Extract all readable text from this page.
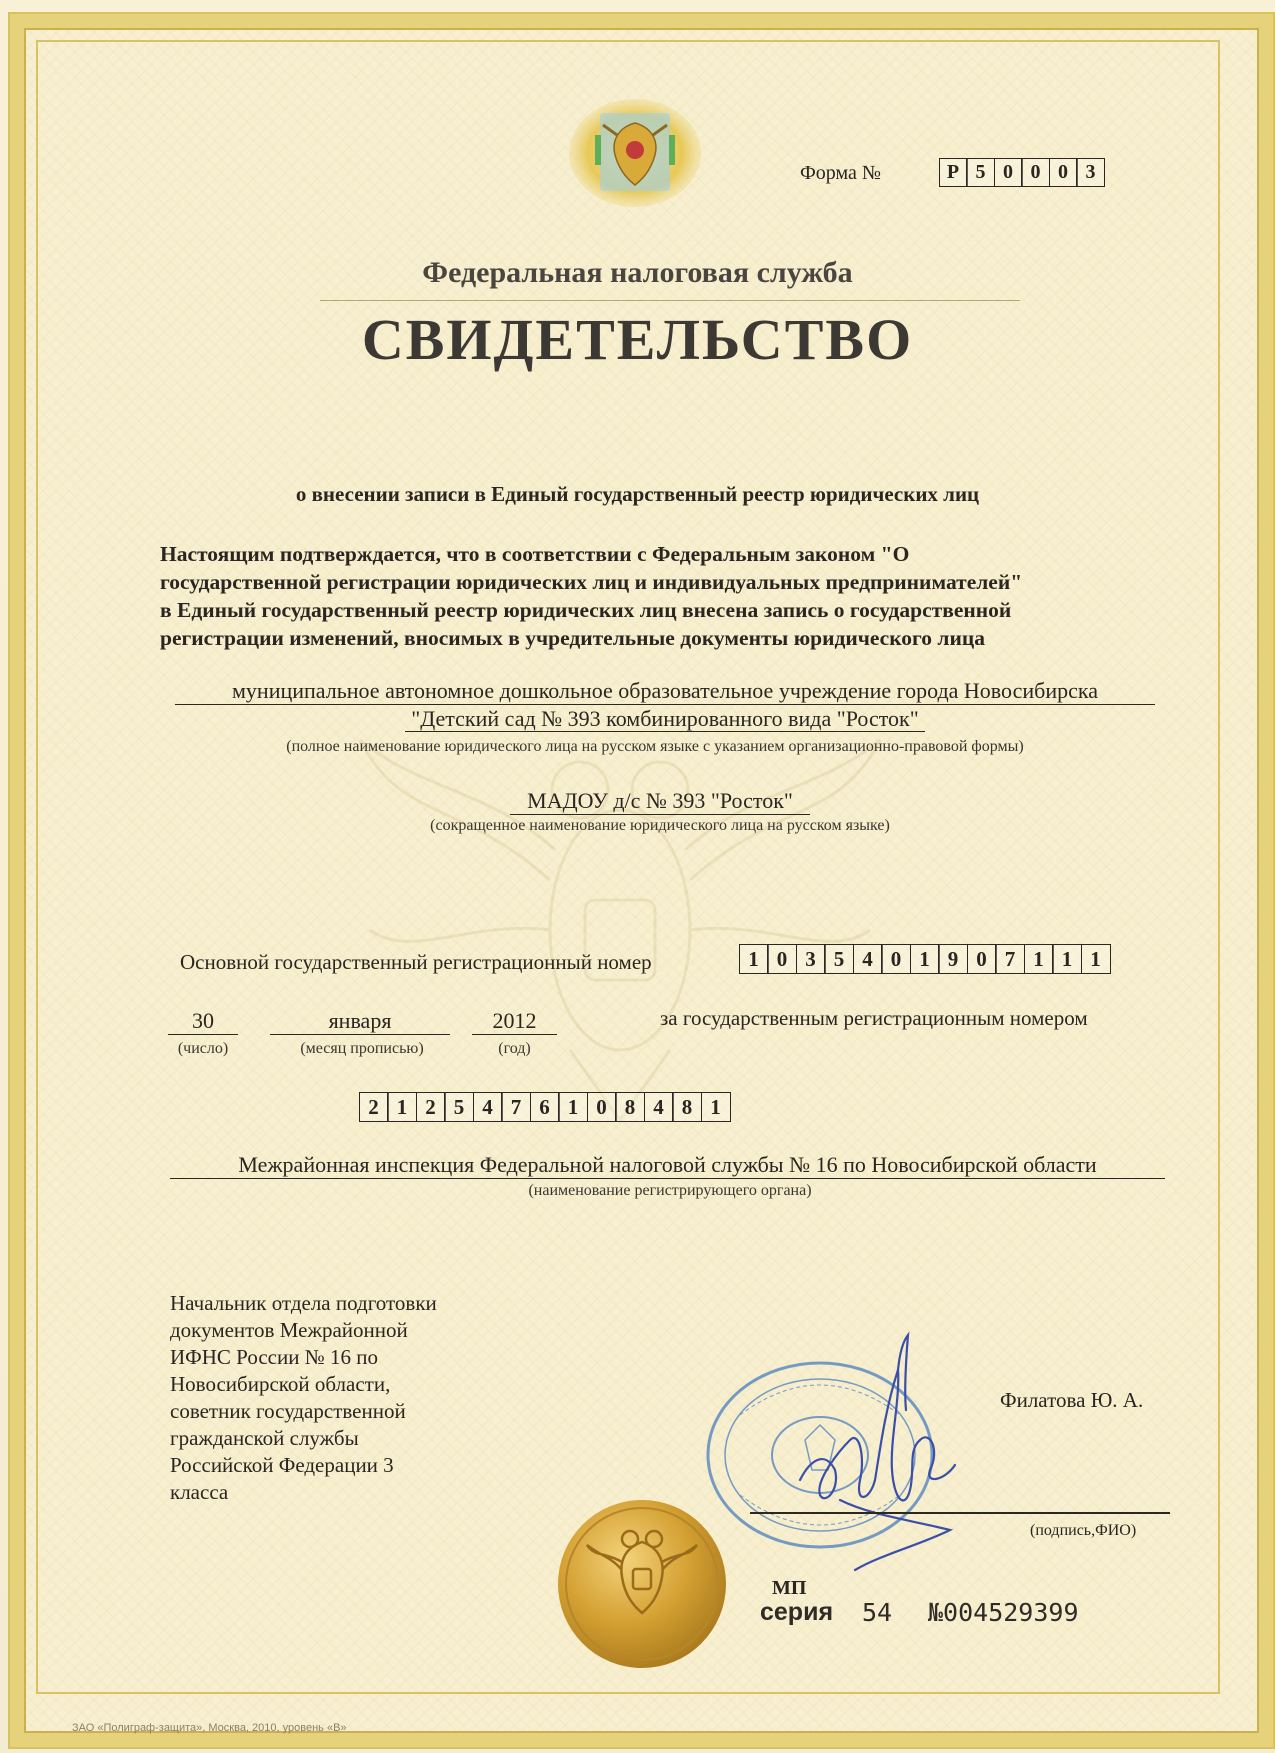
Форма №	Р 5 0 0 0 3
Федеральная налоговая служба
СВИДЕТЕЛЬСТВО
о внесении записи в Единый государственный реестр юридических лиц
Настоящим подтверждается, что в соответствии с Федеральным законом "О
государственной регистрации юридических лиц и индивидуальных предпринимателей"
в Единый государственный реестр юридических лиц внесена запись о государственной
регистрации изменений, вносимых в учредительные документы юридического лица
муниципальное автономное дошкольное образовательное учреждение города Новосибирска
"Детский сад № 393 комбинированного вида "Росток"
(полное наименование юридического лица на русском языке с указанием организационно-правовой формы)
МАДОУ д/с № 393 "Росток"
(сокращенное наименование юридического лица на русском языке)
Основной государственный регистрационный номер	1 0 3 5 4 0 1 9 0 7 1 1 1
30	января	2012
(число)	(месяц прописью)	(год)
за государственным регистрационным номером
2 1 2 5 4 7 6 1 0 8 4 8 1
Межрайонная инспекция Федеральной налоговой службы № 16 по Новосибирской области
(наименование регистрирующего органа)
Начальник отдела подготовки
документов Межрайонной
ИФНС России № 16 по
Новосибирской области,
советник государственной
гражданской службы
Российской Федерации 3
класса
Филатова Ю. А.
(подпись,ФИО)
МП
серия 54 №004529399
ЗАО «Полиграф-защита», Москва, 2010, уровень «В»
